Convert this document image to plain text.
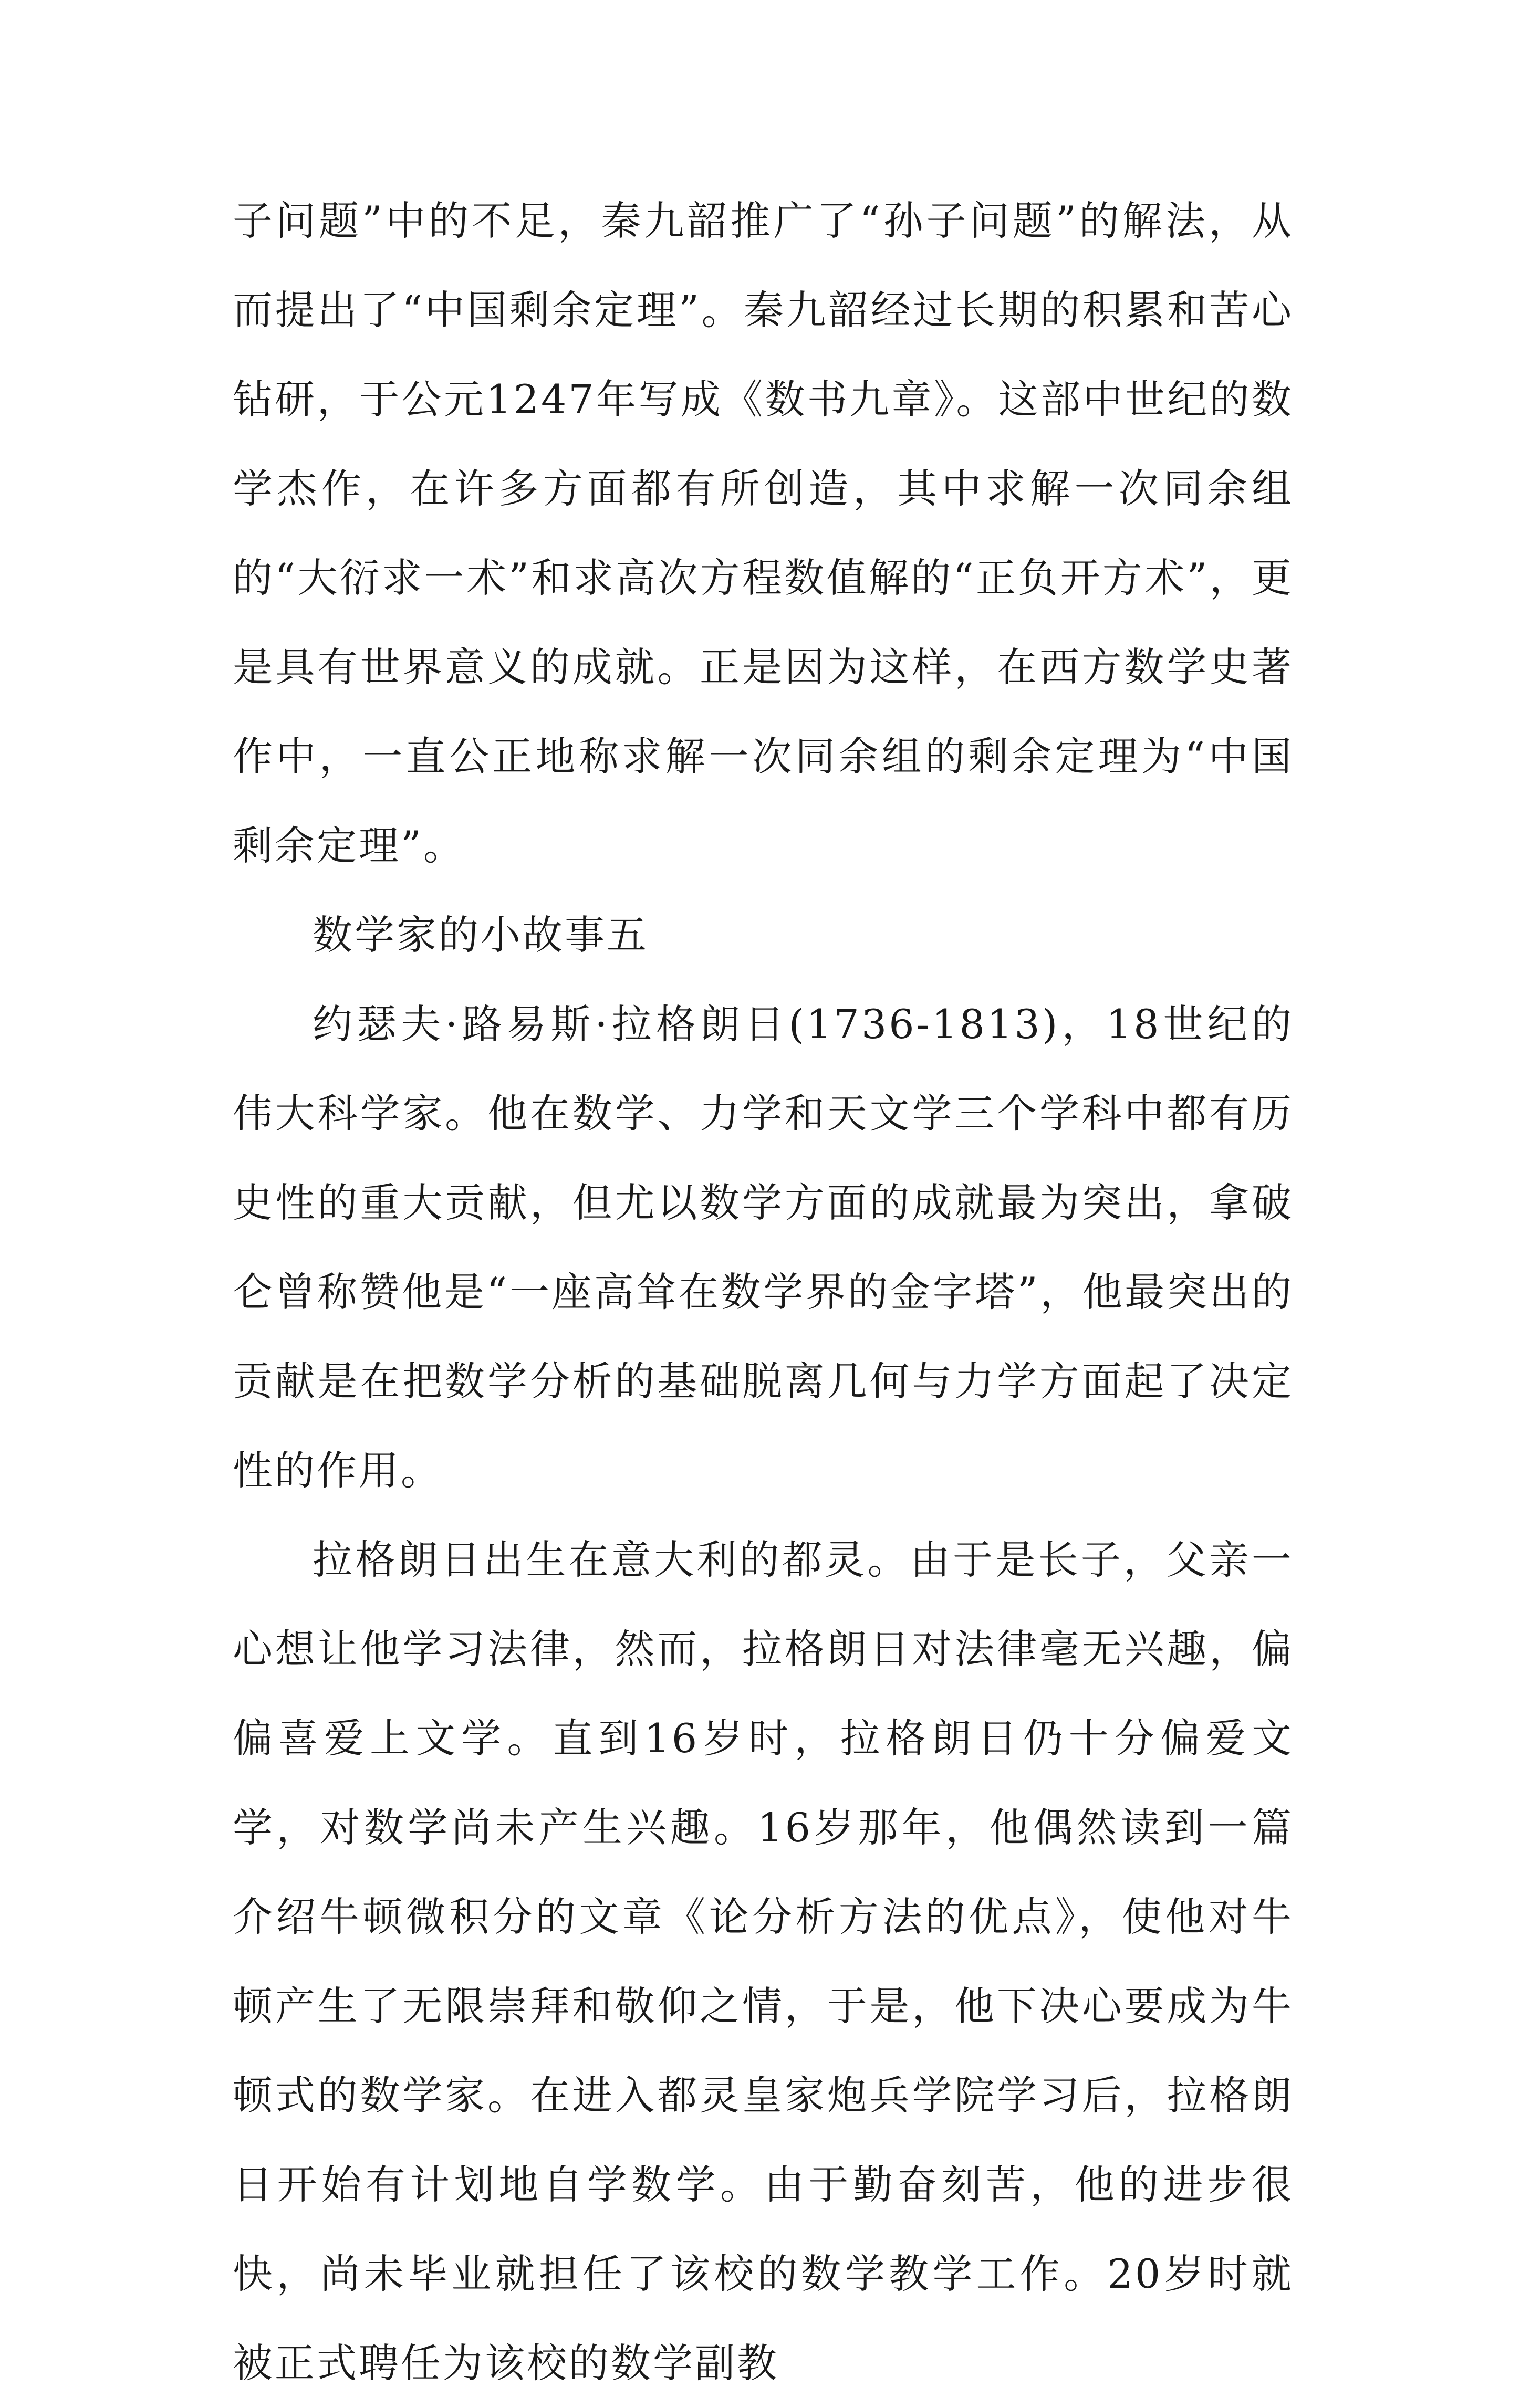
子问题”中的不足，秦九韶推广了“孙子问题”的解法，从而提出了“中国剩余定理”。秦九韶经过长期的积累和苦心钻研，于公元1247年写成《数书九章》。这部中世纪的数学杰作，在许多方面都有所创造，其中求解一次同余组的“大衍求一术”和求高次方程数值解的“正负开方术”，更是具有世界意义的成就。正是因为这样，在西方数学史著作中，一直公正地称求解一次同余组的剩余定理为“中国剩余定理”。

数学家的小故事五

约瑟夫·路易斯·拉格朗日(1736-1813)，18世纪的伟大科学家。他在数学、力学和天文学三个学科中都有历史性的重大贡献，但尤以数学方面的成就最为突出，拿破仑曾称赞他是“一座高耸在数学界的金字塔”，他最突出的贡献是在把数学分析的基础脱离几何与力学方面起了决定性的作用。

拉格朗日出生在意大利的都灵。由于是长子，父亲一心想让他学习法律，然而，拉格朗日对法律毫无兴趣，偏偏喜爱上文学。直到16岁时，拉格朗日仍十分偏爱文学，对数学尚未产生兴趣。16岁那年，他偶然读到一篇介绍牛顿微积分的文章《论分析方法的优点》，使他对牛顿产生了无限崇拜和敬仰之情，于是，他下决心要成为牛顿式的数学家。在进入都灵皇家炮兵学院学习后，拉格朗日开始有计划地自学数学。由于勤奋刻苦，他的进步很快，尚未毕业就担任了该校的数学教学工作。20岁时就被正式聘任为该校的数学副教
